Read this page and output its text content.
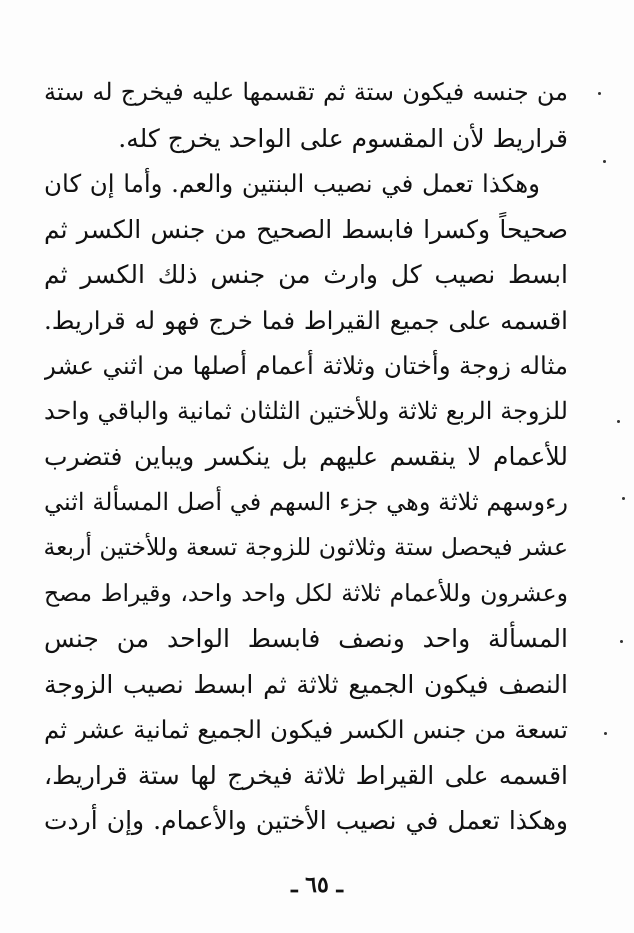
من جنسه فيكون ستة ثم تقسمها عليه فيخرج له ستة
قراريط لأن المقسوم على الواحد يخرج كله.
وهكذا تعمل في نصيب البنتين والعم. وأما إن كان
صحيحاً وكسرا فابسط الصحيح من جنس الكسر ثم
ابسط نصيب كل وارث من جنس ذلك الكسر ثم
اقسمه على جميع القيراط فما خرج فهو له قراريط.
مثاله زوجة وأختان وثلاثة أعمام أصلها من اثني عشر
للزوجة الربع ثلاثة وللأختين الثلثان ثمانية والباقي واحد
للأعمام لا ينقسم عليهم بل ينكسر ويباين فتضرب
رءوسهم ثلاثة وهي جزء السهم في أصل المسألة اثني
عشر فيحصل ستة وثلاثون للزوجة تسعة وللأختين أربعة
وعشرون وللأعمام ثلاثة لكل واحد واحد، وقيراط مصح
المسألة واحد ونصف فابسط الواحد من جنس
النصف فيكون الجميع ثلاثة ثم ابسط نصيب الزوجة
تسعة من جنس الكسر فيكون الجميع ثمانية عشر ثم
اقسمه على القيراط ثلاثة فيخرج لها ستة قراريط،
وهكذا تعمل في نصيب الأختين والأعمام. وإن أردت
ـ ٦٥ ـ
